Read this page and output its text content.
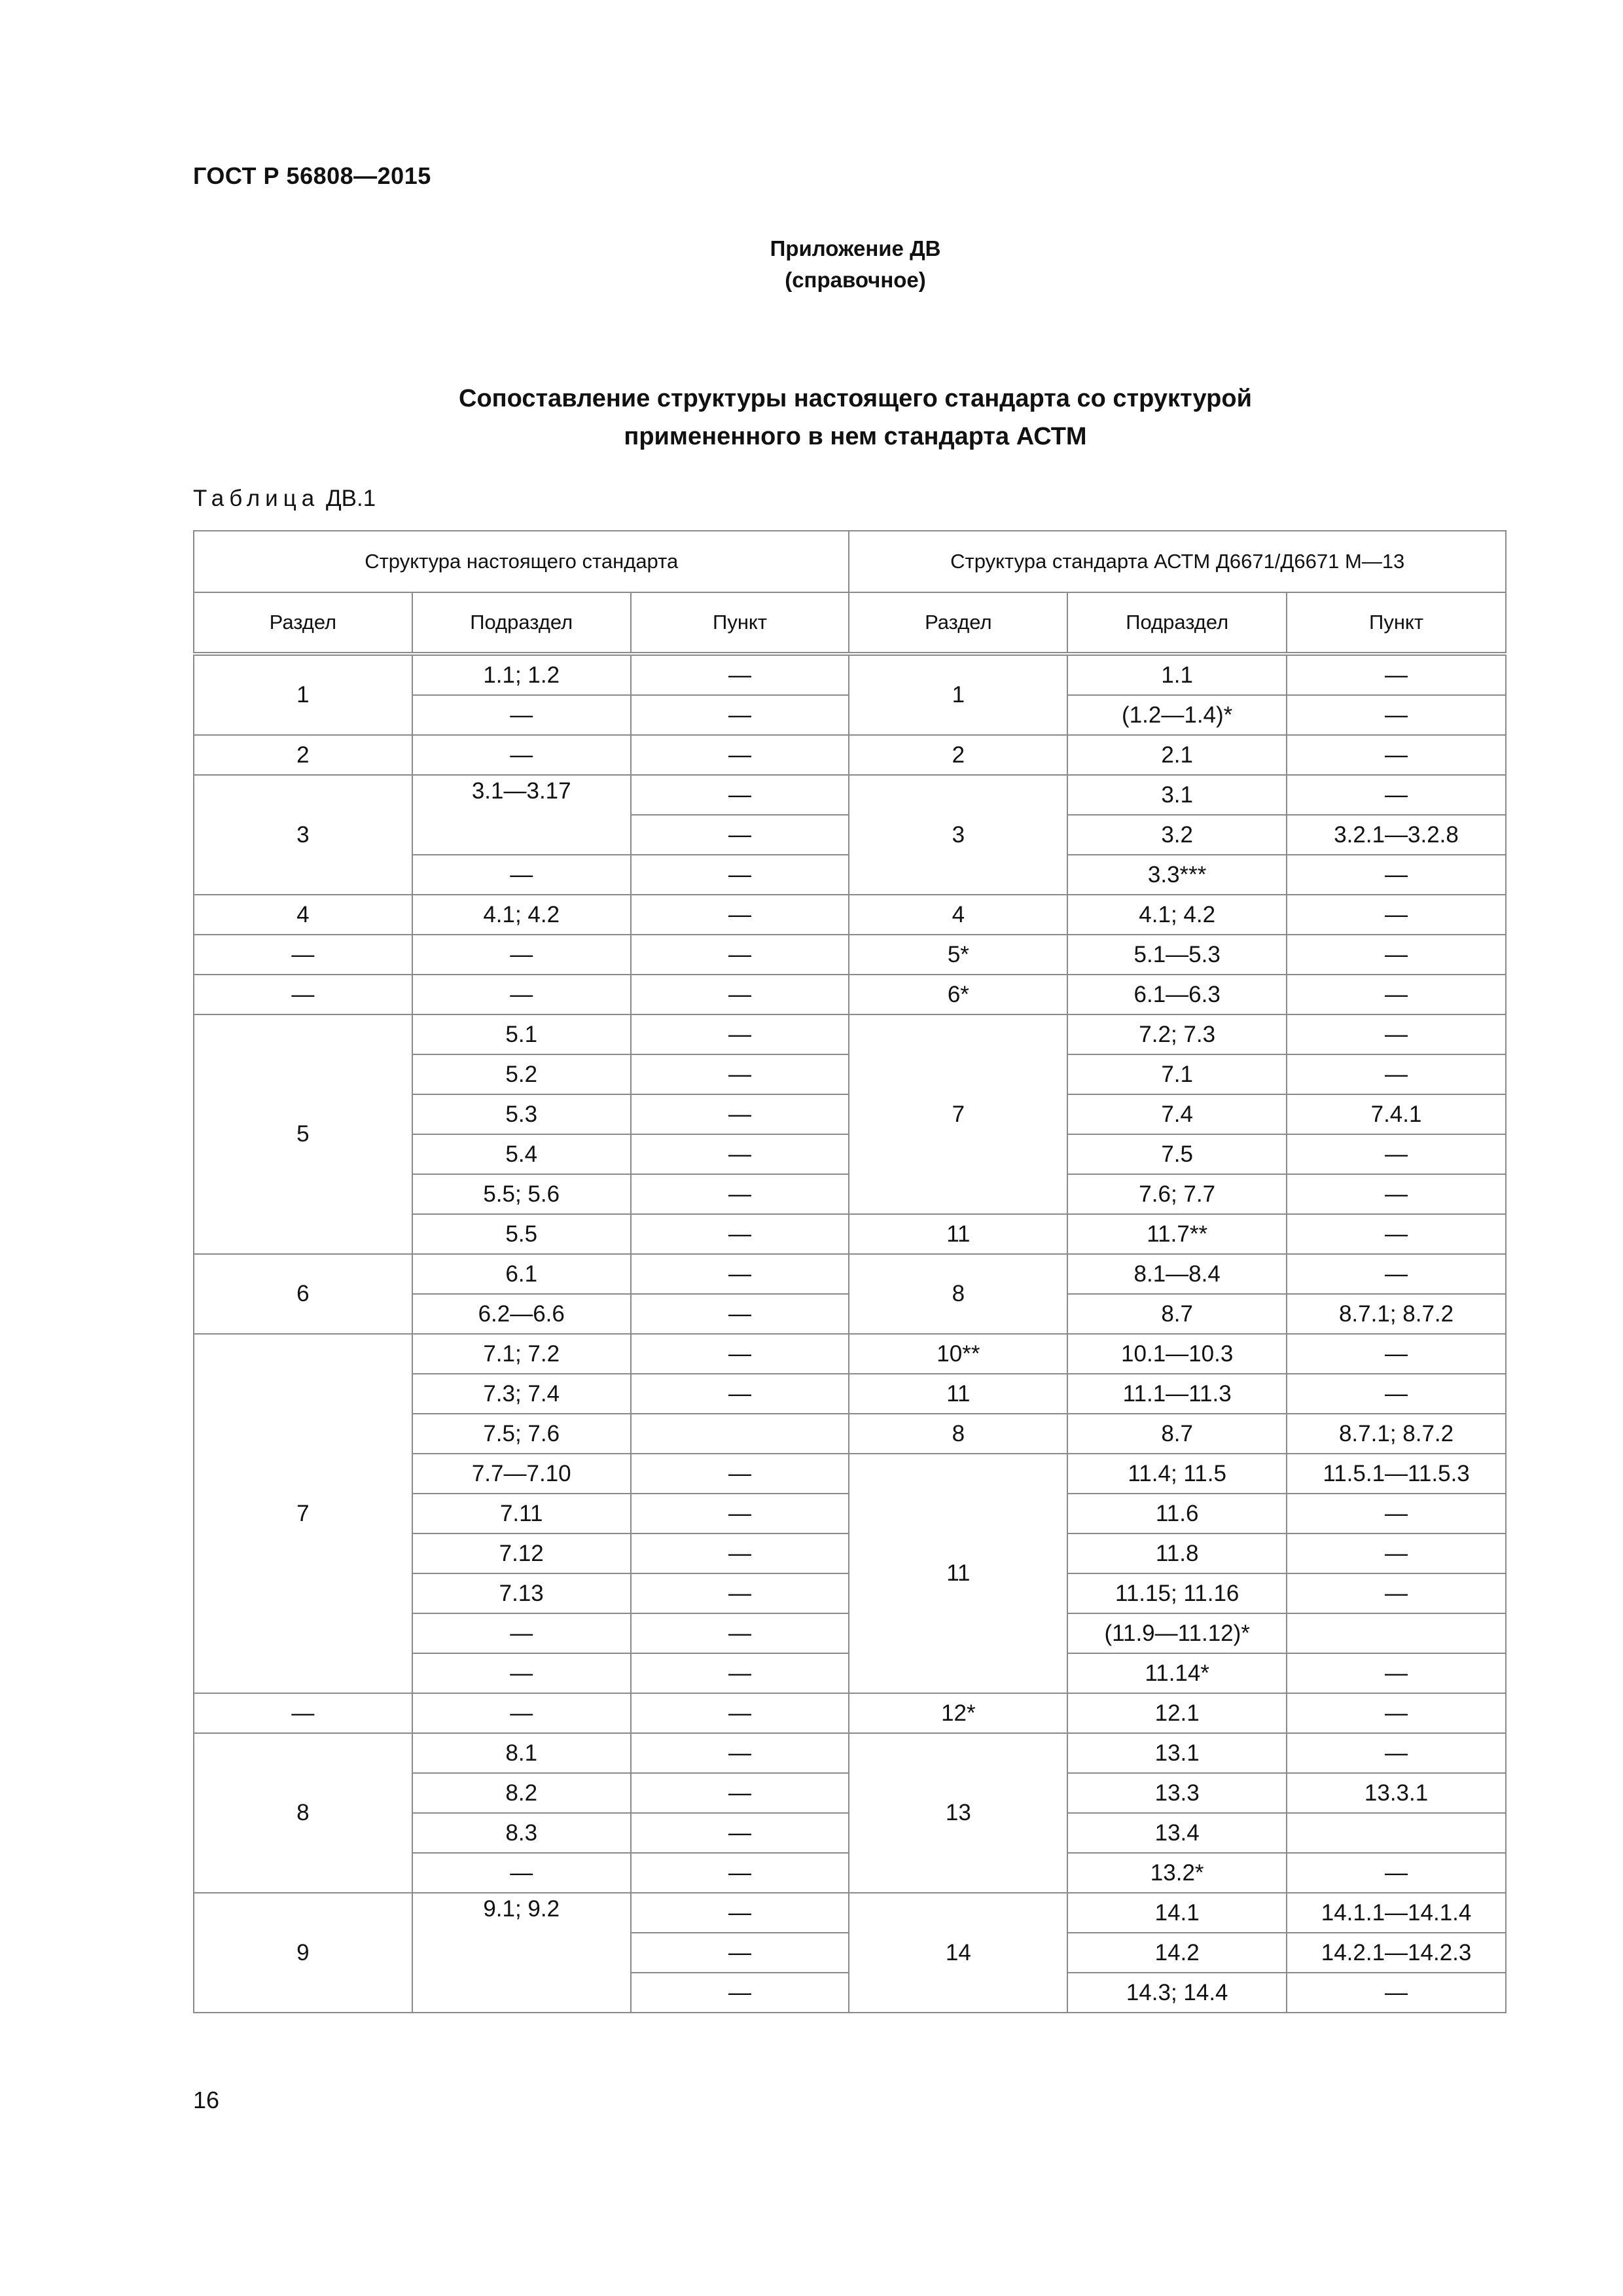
ГОСТ Р 56808—2015
Приложение ДВ
(справочное)
Сопоставление структуры настоящего стандарта со структурой
примененного в нем стандарта АСТМ
Таблица ДВ.1
Структура настоящего стандарта			Структура стандарта АСТМ Д6671/Д6671 М—13		
Раздел	Подраздел	Пункт	Раздел	Подраздел	Пункт
1	1.1; 1.2	—	1	1.1	—
	—	—		(1.2—1.4)*	—
2	—	—	2	2.1	—
3	3.1—3.17	—	3	3.1	—
		—		3.2	3.2.1—3.2.8
	—	—		3.3***	—
4	4.1; 4.2	—	4	4.1; 4.2	—
—	—	—	5*	5.1—5.3	—
—	—	—	6*	6.1—6.3	—
5	5.1	—	7	7.2; 7.3	—
	5.2	—		7.1	—
	5.3	—		7.4	7.4.1
	5.4	—		7.5	—
	5.5; 5.6	—		7.6; 7.7	—
	5.5	—	11	11.7**	—
6	6.1	—	8	8.1—8.4	—
	6.2—6.6	—		8.7	8.7.1; 8.7.2
7	7.1; 7.2	—	10**	10.1—10.3	—
	7.3; 7.4	—	11	11.1—11.3	—
	7.5; 7.6		8	8.7	8.7.1; 8.7.2
	7.7—7.10	—	11	11.4; 11.5	11.5.1—11.5.3
	7.11	—		11.6	—
	7.12	—		11.8	—
	7.13	—		11.15; 11.16	—
	—	—		(11.9—11.12)*	
	—	—		11.14*	—
—	—	—	12*	12.1	—
8	8.1	—	13	13.1	—
	8.2	—		13.3	13.3.1
	8.3	—		13.4	
	—	—		13.2*	—
9	9.1; 9.2	—	14	14.1	14.1.1—14.1.4
		—		14.2	14.2.1—14.2.3
		—		14.3; 14.4	—
16
